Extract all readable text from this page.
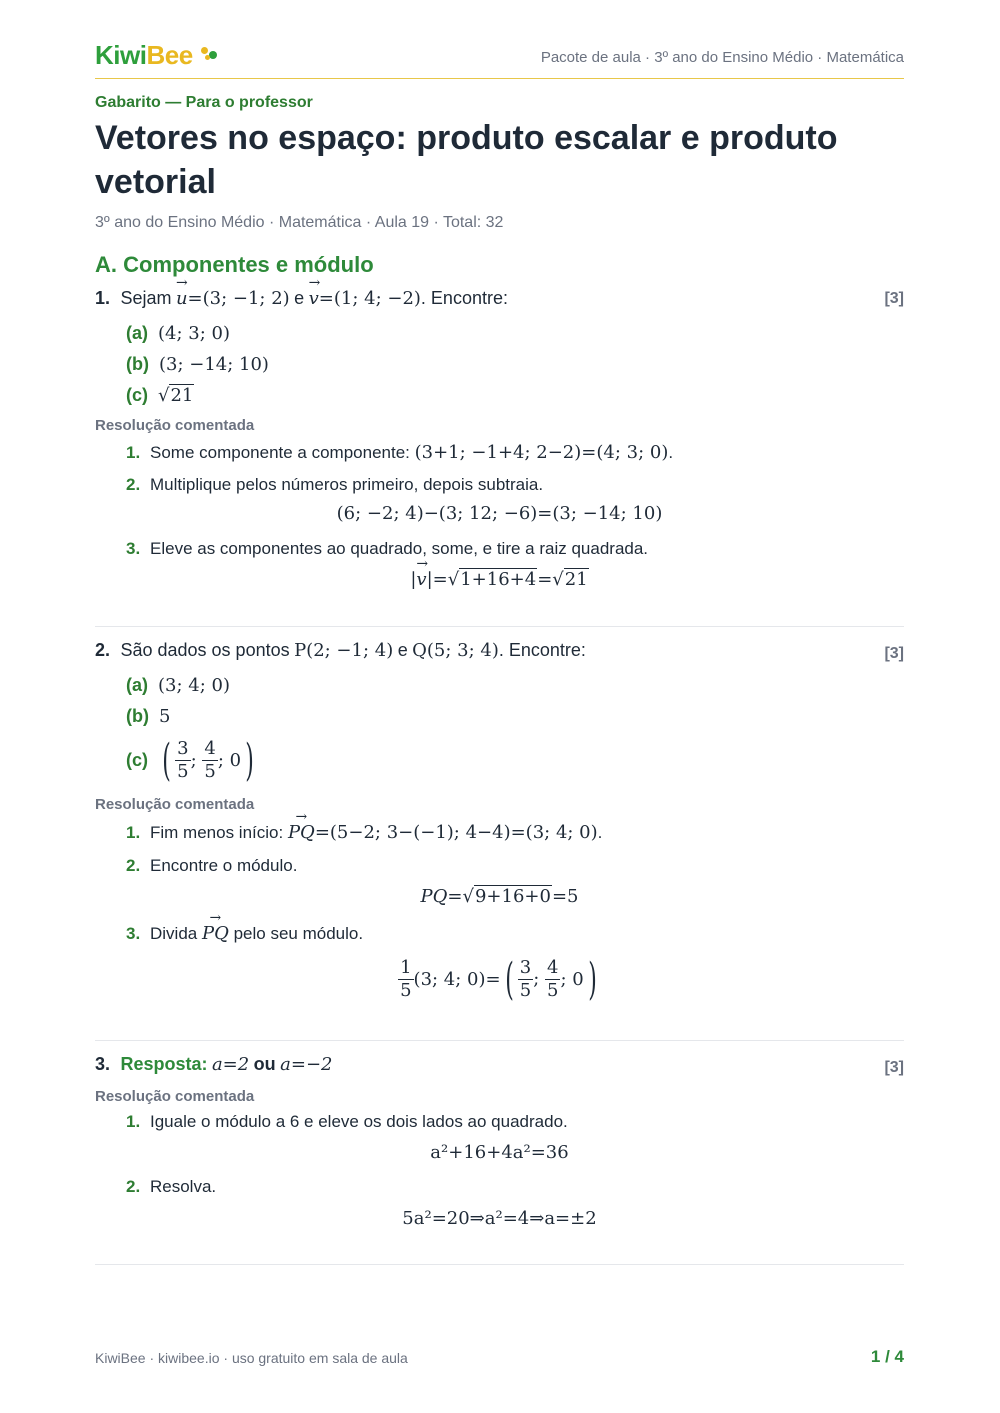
KiwiBee	Pacote de aula · 3º ano do Ensino Médio · Matemática
Gabarito — Para o professor
Vetores no espaço: produto escalar e produto vetorial
3º ano do Ensino Médio · Matemática · Aula 19 · Total: 32
A. Componentes e módulo
1. Sejam → u=(3; −1; 2) e → v=(1; 4; −2). Encontre:	[3]
(a) (4; 3; 0)
(b) (3; −14; 10)
(c) √21
Resolução comentada
1. Some componente a componente: (3+1; −1+4; 2−2)=(4; 3; 0).
2. Multiplique pelos números primeiro, depois subtraia.
(6; −2; 4)−(3; 12; −6)=(3; −14; 10)
3. Eleve as componentes ao quadrado, some, e tire a raiz quadrada.
|→ v|=√1+16+4=√21
2. São dados os pontos P(2; −1; 4) e Q(5; 3; 4). Encontre:	[3]
(a) (3; 4; 0)
(b) 5
(c) ( $\frac{3}{5}$ ; $\frac{4}{5}$ ; 0)
Resolução comentada
1. Fim menos início: → PQ=(5−2; 3−(−1); 4−4)=(3; 4; 0).
2. Encontre o módulo.
PQ=√9+16+0=5
3. Divida → PQ pelo seu módulo.
$\frac{1}{5} (3$; 4; $0)=( \frac{3}{5}$ ; $\frac{4}{5}$ ; 0)
3. Resposta: a=2 ou a=−2	[3]
Resolução comentada
1. Iguale o módulo a 6 e eleve os dois lados ao quadrado.
a²+16+4a²=36
2. Resolva.
5a²=20⇒a²=4⇒a=±2
KiwiBee · kiwibee.io · uso gratuito em sala de aula	1 / 4
